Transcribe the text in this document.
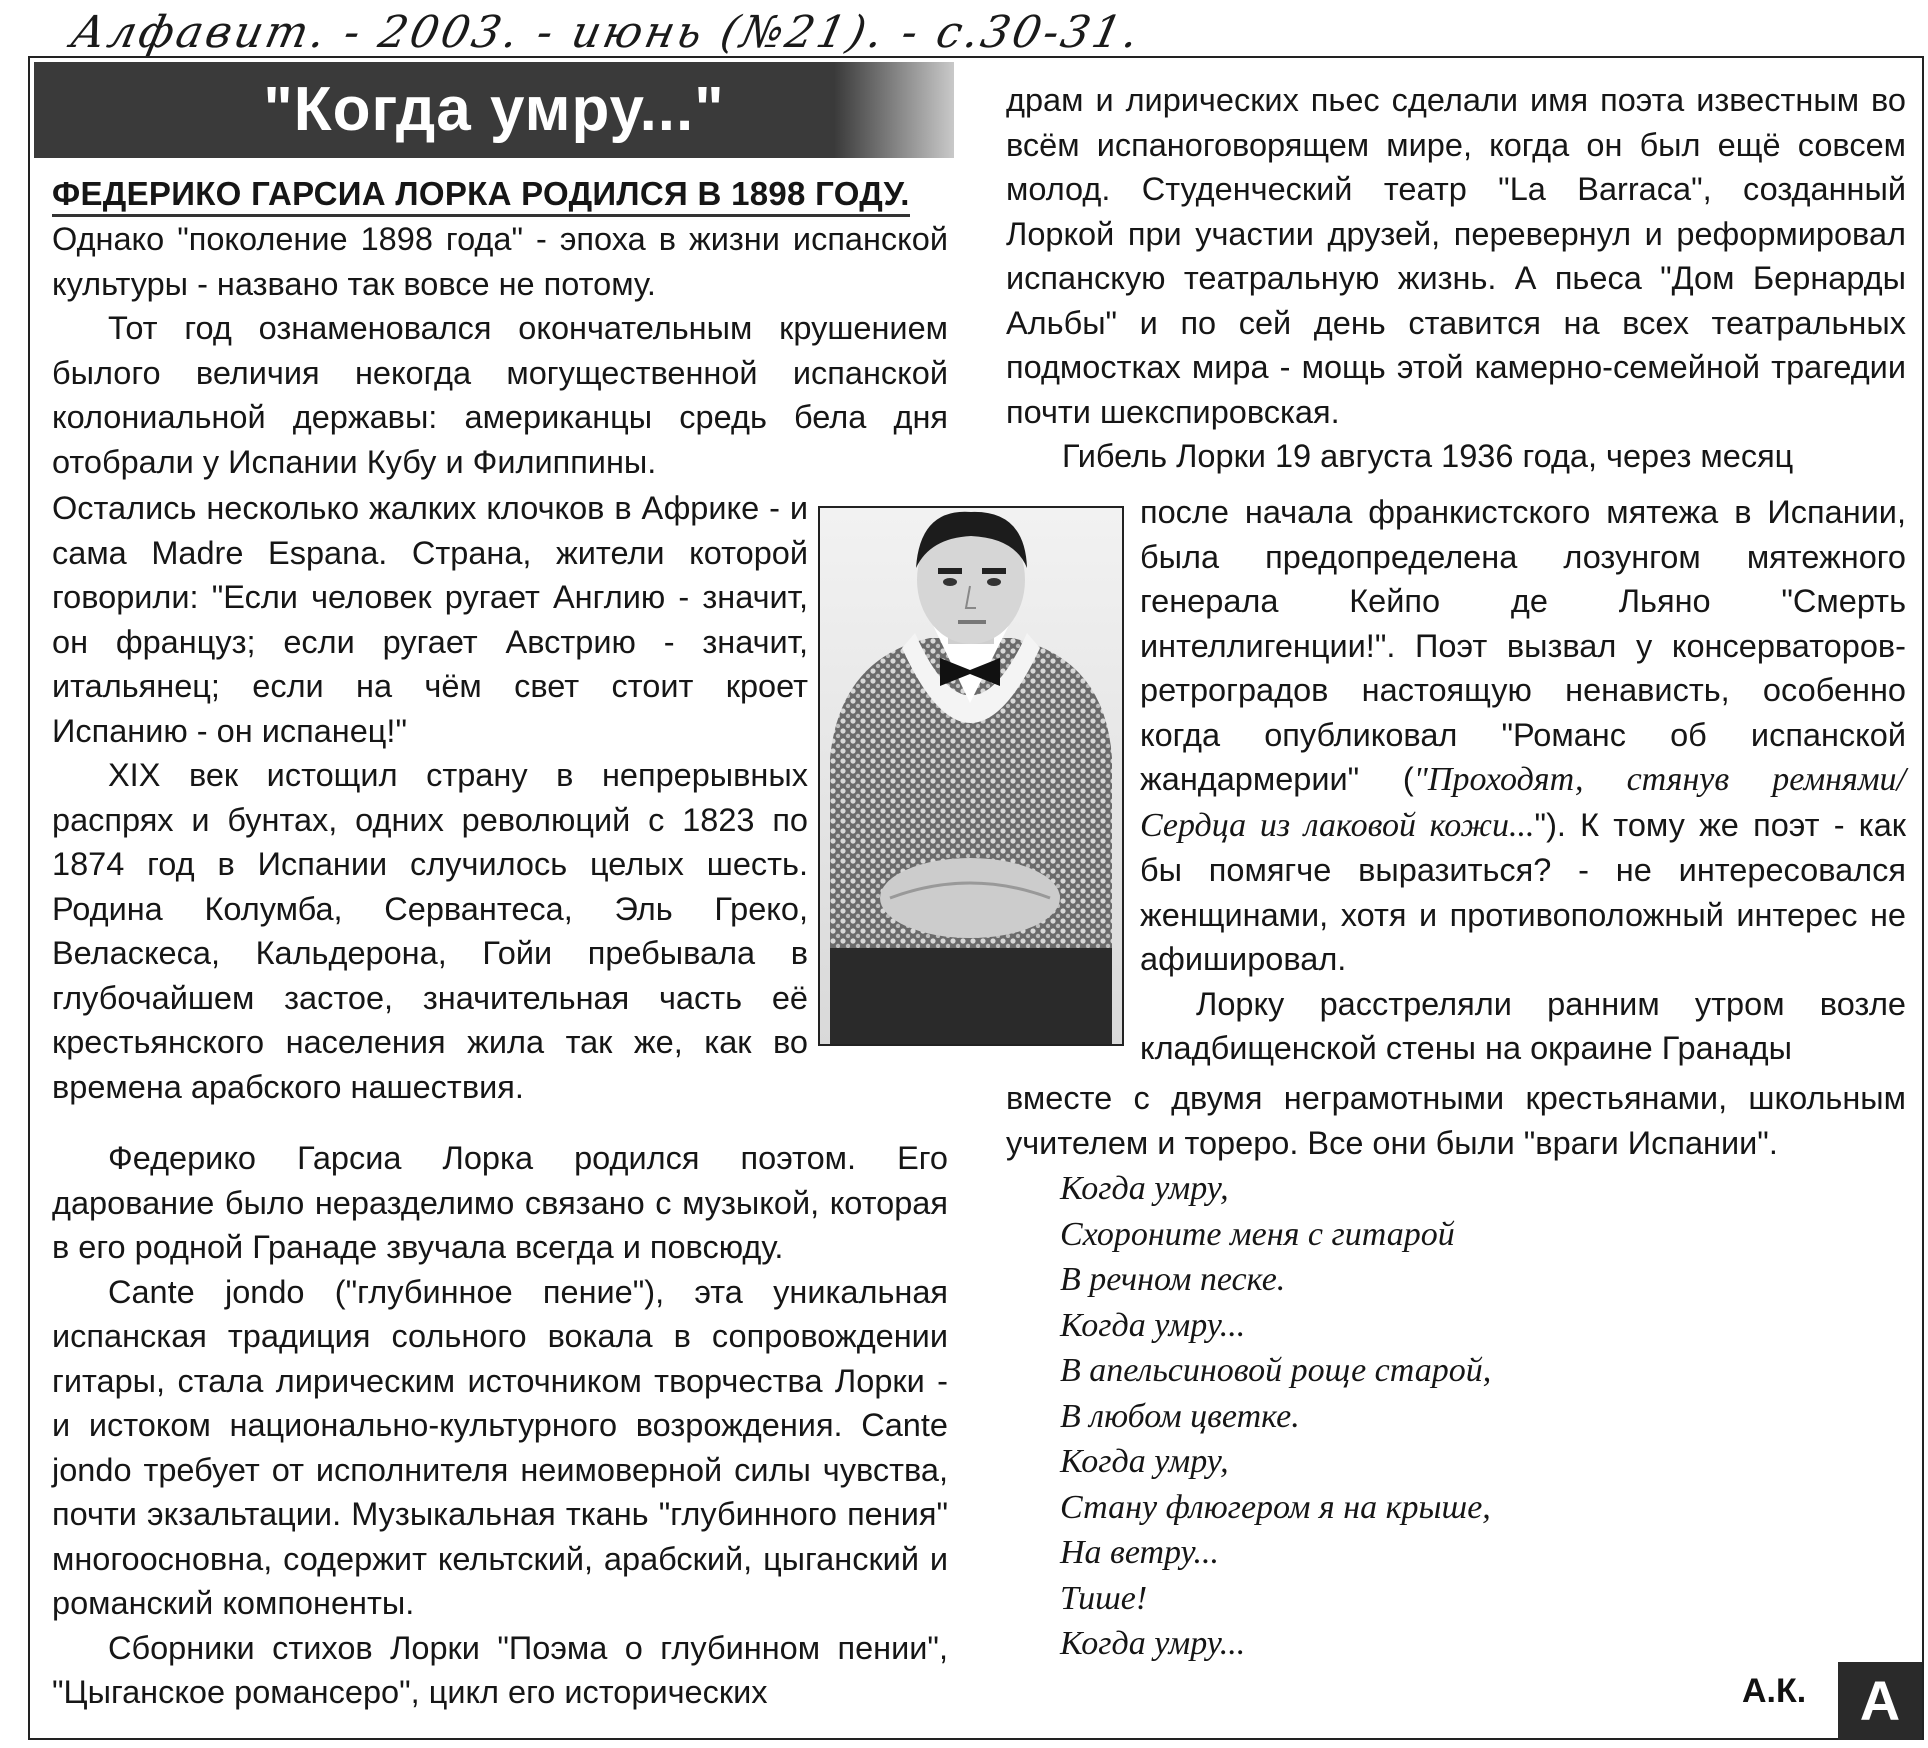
Алфавит. - 2003. - июнь (№21). - с.30-31.
"Когда умру..."
ФЕДЕРИКО ГАРСИА ЛОРКА РОДИЛСЯ В 1898 ГОДУ.

Однако "поколение 1898 года" - эпоха в жизни испанской культуры - названо так вовсе не потому.

Тот год ознаменовался окончательным крушением былого величия некогда могущественной испанской колониальной державы: американцы средь бела дня отобрали у Испании Кубу и Филиппины.

Остались несколько жалких клочков в Африке - и сама Madre Espana. Страна, жители которой говорили: "Если человек ругает Англию - значит, он француз; если ругает Австрию - значит, итальянец; если на чём свет стоит кроет Испанию - он испанец!"

XIX век истощил страну в непрерывных распрях и бунтах, одних революций с 1823 по 1874 год в Испании случилось целых шесть. Родина Колумба, Сервантеса, Эль Греко, Веласкеса, Кальдерона, Гойи пребывала в глубочайшем застое, значительная часть её крестьянского населения жила так же, как во времена арабского нашествия.

Федерико Гарсиа Лорка родился поэтом. Его дарование было неразделимо связано с музыкой, которая в его родной Гранаде звучала всегда и повсюду.

Cante jondo ("глубинное пение"), эта уникальная испанская традиция сольного вокала в сопровождении гитары, стала лирическим источником творчества Лорки - и истоком национально-культурного возрождения. Cante jondo требует от исполнителя неимоверной силы чувства, почти экзальтации. Музыкальная ткань "глубинного пения" многоосновна, содержит кельтский, арабский, цыганский и романский компоненты.

Сборники стихов Лорки "Поэма о глубинном пении", "Цыганское романсеро", цикл его исторических

драм и лирических пьес сделали имя поэта известным во всём испаноговорящем мире, когда он был ещё совсем молод. Студенческий театр "La Barraca", созданный Лоркой при участии друзей, перевернул и реформировал испанскую театральную жизнь. А пьеса "Дом Бернарды Альбы" и по сей день ставится на всех театральных подмостках мира - мощь этой камерно-семейной трагедии почти шекспировская.

Гибель Лорки 19 августа 1936 года, через месяц

после начала франкистского мятежа в Испании, была предопределена лозунгом мятежного генерала Кейпо де Льяно "Смерть интеллигенции!". Поэт вызвал у консерваторов-ретроградов настоящую ненависть, особенно когда опубликовал "Романс об испанской жандармерии" ("Проходят, стянув ремнями/ Сердца из лаковой кожи..."). К тому же поэт - как бы помягче выразиться? - не интересовался женщинами, хотя и противоположный интерес не афишировал.

Лорку расстреляли ранним утром возле кладбищенской стены на окраине Гранады

вместе с двумя неграмотными крестьянами, школьным учителем и тореро. Все они были "враги Испании".

Когда умру,
Схороните меня с гитарой
В речном песке.
Когда умру...
В апельсиновой роще старой,
В любом цветке.
Когда умру,
Стану флюгером я на крыше,
На ветру...
Тише!
Когда умру...
А.К. А
